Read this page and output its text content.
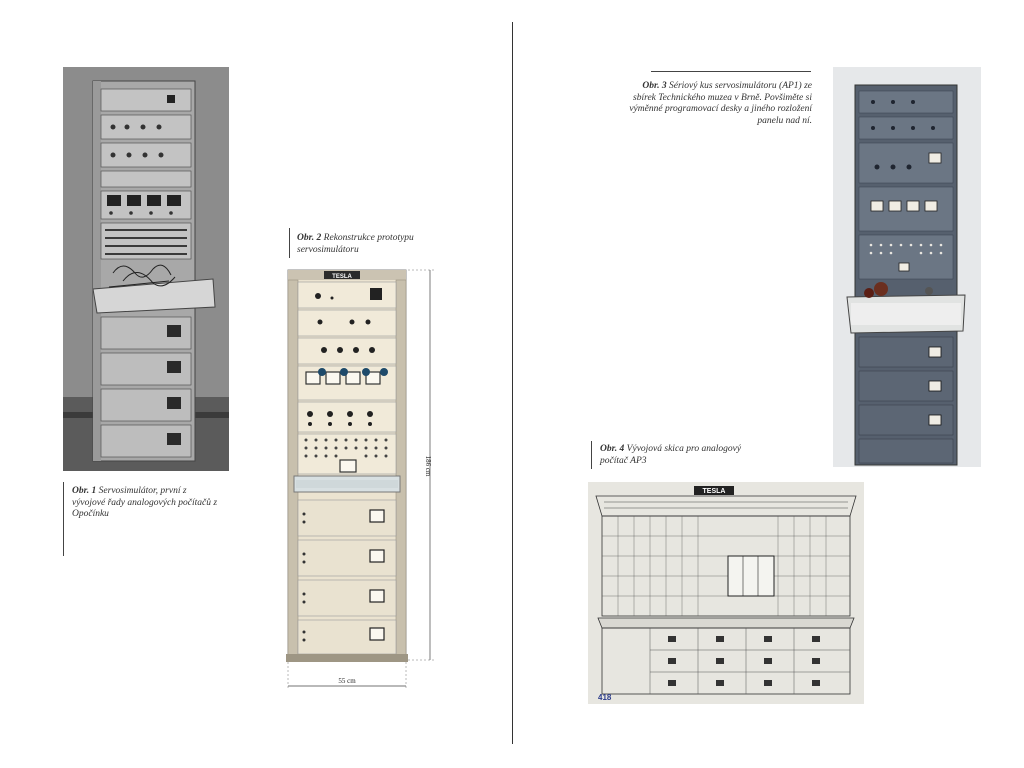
Obr. 1 Servosimulátor, první z vývojové řady analogových počítačů z Opočínku
Obr. 2 Rekonstrukce prototypu servosimulátoru
TESLA
186 cm
55 cm
Obr. 3 Sériový kus servosimulátoru (AP1) ze sbírek Technického muzea v Brně. Povšiměte si výměnné programovací desky a jiného rozložení panelu nad ní.
Obr. 4 Vývojová skica pro analogový počítač AP3
TESLA
418
